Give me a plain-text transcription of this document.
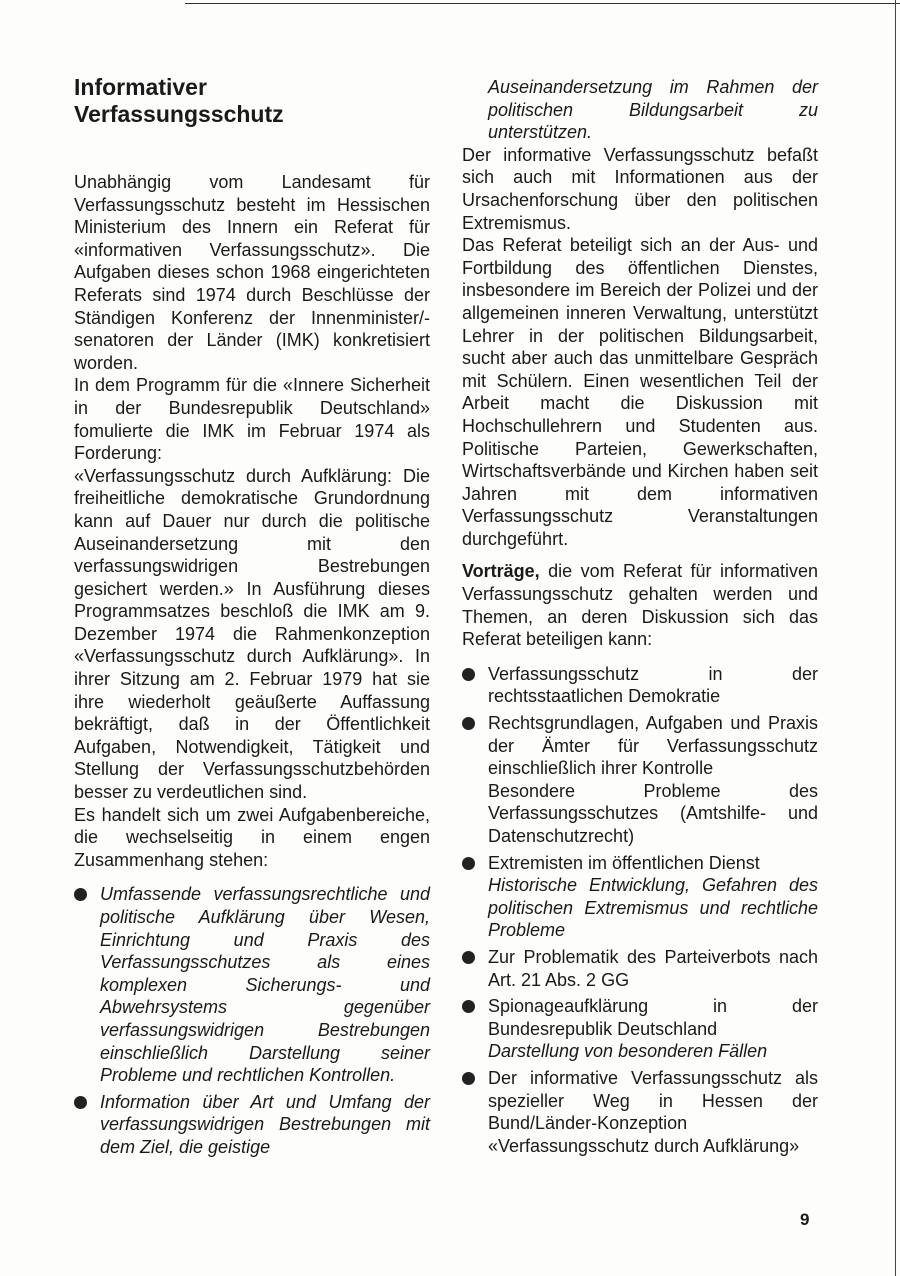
Informativer
Verfassungsschutz

Unabhängig vom Landesamt für Verfassungsschutz besteht im Hessischen Ministerium des Innern ein Referat für «informativen Verfassungsschutz». Die Aufgaben dieses schon 1968 eingerichteten Referats sind 1974 durch Beschlüsse der Ständigen Konferenz der Innenminister/-senatoren der Länder (IMK) konkretisiert worden.

In dem Programm für die «Innere Sicherheit in der Bundesrepublik Deutschland» fomulierte die IMK im Februar 1974 als Forderung:

«Verfassungsschutz durch Aufklärung: Die freiheitliche demokratische Grundordnung kann auf Dauer nur durch die politische Auseinandersetzung mit den verfassungswidrigen Bestrebungen gesichert werden.» In Ausführung dieses Programmsatzes beschloß die IMK am 9. Dezember 1974 die Rahmenkonzeption «Verfassungsschutz durch Aufklärung». In ihrer Sitzung am 2. Februar 1979 hat sie ihre wiederholt geäußerte Auffassung bekräftigt, daß in der Öffentlichkeit Aufgaben, Notwendigkeit, Tätigkeit und Stellung der Verfassungsschutzbehörden besser zu verdeutlichen sind.

Es handelt sich um zwei Aufgabenbereiche, die wechselseitig in einem engen Zusammenhang stehen:

Umfassende verfassungsrechtliche und politische Aufklärung über Wesen, Einrichtung und Praxis des Verfassungsschutzes als eines komplexen Sicherungs- und Abwehrsystems gegenüber verfassungswidrigen Bestrebungen einschließlich Darstellung seiner Probleme und rechtlichen Kontrollen.
Information über Art und Umfang der verfassungswidrigen Bestrebungen mit dem Ziel, die geistige

Auseinandersetzung im Rahmen der politischen Bildungsarbeit zu unterstützen.

Der informative Verfassungsschutz befaßt sich auch mit Informationen aus der Ursachenforschung über den politischen Extremismus.

Das Referat beteiligt sich an der Aus- und Fortbildung des öffentlichen Dienstes, insbesondere im Bereich der Polizei und der allgemeinen inneren Verwaltung, unterstützt Lehrer in der politischen Bildungsarbeit, sucht aber auch das unmittelbare Gespräch mit Schülern. Einen wesentlichen Teil der Arbeit macht die Diskussion mit Hochschullehrern und Studenten aus. Politische Parteien, Gewerkschaften, Wirtschaftsverbände und Kirchen haben seit Jahren mit dem informativen Verfassungsschutz Veranstaltungen durchgeführt.

Vorträge, die vom Referat für informativen Verfassungsschutz gehalten werden und Themen, an deren Diskussion sich das Referat beteiligen kann:

Verfassungsschutz in der rechtsstaatlichen Demokratie
Rechtsgrundlagen, Aufgaben und Praxis der Ämter für Verfassungsschutz einschließlich ihrer Kontrolle
Besondere Probleme des Verfassungsschutzes (Amtshilfe- und Datenschutzrecht)
Extremisten im öffentlichen Dienst
Historische Entwicklung, Gefahren des politischen Extremismus und rechtliche Probleme
Zur Problematik des Parteiverbots nach Art. 21 Abs. 2 GG
Spionageaufklärung in der Bundesrepublik Deutschland
Darstellung von besonderen Fällen
Der informative Verfassungsschutz als spezieller Weg in Hessen der Bund/Länder-Konzeption «Verfassungsschutz durch Aufklärung»
9
